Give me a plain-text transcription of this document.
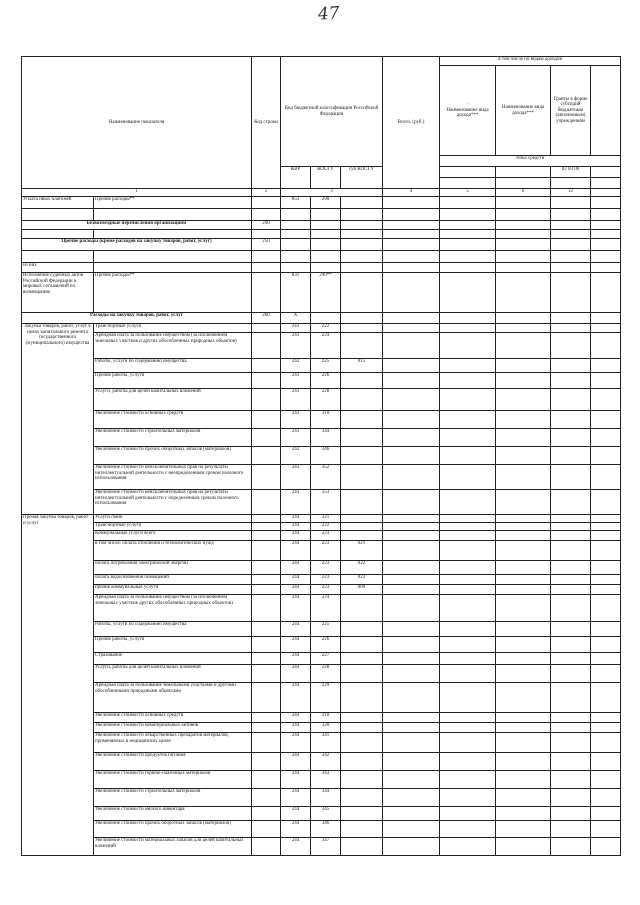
47
Наименование показателя		Код строки	Код бюджетной классификации Российской Федерации			Всего, (руб.)	в том числе по видам доходов			

							·
Наименование вида дохода***	Наименование вида дохода***	Гранты в форме субсидий бюджетным (автономным) учреждениям	

							типы средств			
			КВР	КОСГУ	суб КОСГУ				02 03 00	

1		2	3			4	5	6	12	
Уплата иных платежей	Прочие расходы**		853	290						

Безвозмездные перечисления организациям		240								

Прочие расходы (кроме расходов на закупку товаров, работ, услуг)		250								

из них										
Исполнение судебных актов Российской Федерации и мировых соглашений по возмещению	Прочие расходы**		831	290**						
Расходы на закупку товаров, работ, услуг		260	X							
Закупка товаров, работ, услуг в целях капитального ремонта государственного (муниципального) имущества	Транспортные услуги		243	222						
	Арендная плата за пользование имуществом (за исключением земельных участков и других обособленных природных объектов)		243	224						
	Работы, услуги по содержанию имущества		243	225	015					
	Прочие работы, услуги		243	226						
	Услуги, работы для целей капитальных вложений		243	228						
	Увеличение стоимости основных средств		243	310						
	Увеличение стоимости строительных материалов		243	344						
	Увеличение стоимости прочих оборотных запасов (материалов)		243	346						
	Увеличение стоимости неисключительных прав на результаты интеллектуальной деятельности с неопределенным сроком полезного использования		243	352						
	Увеличение стоимости неисключительных прав на результаты интеллектуальной деятельности с определенным сроком полезного использования		243	353						
Прочая закупка товаров, работ и услуг	Услуги связи		244	221						
	Транспортные услуги		244	222						
	Коммунальные услуги всего		244	223						
	в том числе: оплата отопления и технологических нужд		244	223	021					
	оплата потребления электрической энергии		244	223	022					
	оплата водоснабжения помещений		244	223	023					
	прочие коммунальные услуги		244	223	000					
	Арендная плата за пользование имуществом (за исключением земельных участков других обособленных природных объектов)		244	224						
	Работы, услуги по содержанию имущества		244	225						
	Прочие работы, услуги		244	226						
	Страхование		244	227						
	Услуги, работы для целей капитальных вложений		244	228						
	Арендная плата за пользование земельными участками и другими обособленными природными объектами		244	229						
	Увеличение стоимости основных средств		244	310						
	Увеличение стоимости нематериальных активов		244	320						
	Увеличение стоимости лекарственных препаратов материалов, применяемых в медицинских целях		244	341						
	Увеличение стоимости продуктов питания		244	342						
	Увеличение стоимости горюче-смазочных материалов		244	343						
	Увеличение стоимости строительных материалов		244	344						
	Увеличение стоимости мягкого инвентаря		244	345						
	Увеличение стоимости прочих оборотных запасов (материалов)		244	346						
	Увеличение стоимости материальных запасов для целей капитальных вложений		244	347						
